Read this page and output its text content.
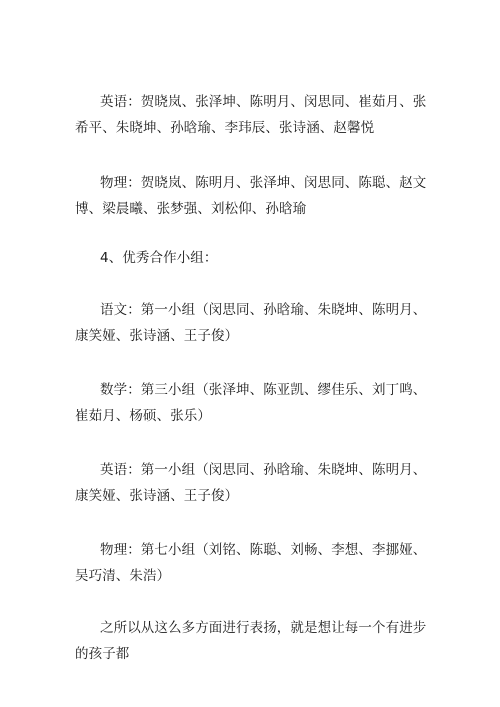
英语：贺晓岚、张泽坤、陈明月、闵思同、崔茹月、张希平、朱晓坤、孙晗瑜、李玮辰、张诗涵、赵馨悦

物理：贺晓岚、陈明月、张泽坤、闵思同、陈聪、赵文博、梁晨曦、张梦强、刘松仰、孙晗瑜

4、优秀合作小组：

语文：第一小组（闵思同、孙晗瑜、朱晓坤、陈明月、康笑娅、张诗涵、王子俊）

数学：第三小组（张泽坤、陈亚凯、缪佳乐、刘丁鸣、崔茹月、杨硕、张乐）

英语：第一小组（闵思同、孙晗瑜、朱晓坤、陈明月、康笑娅、张诗涵、王子俊）

物理：第七小组（刘铭、陈聪、刘畅、李想、李挪娅、吴巧清、朱浩）

之所以从这么多方面进行表扬，就是想让每一个有进步的孩子都
